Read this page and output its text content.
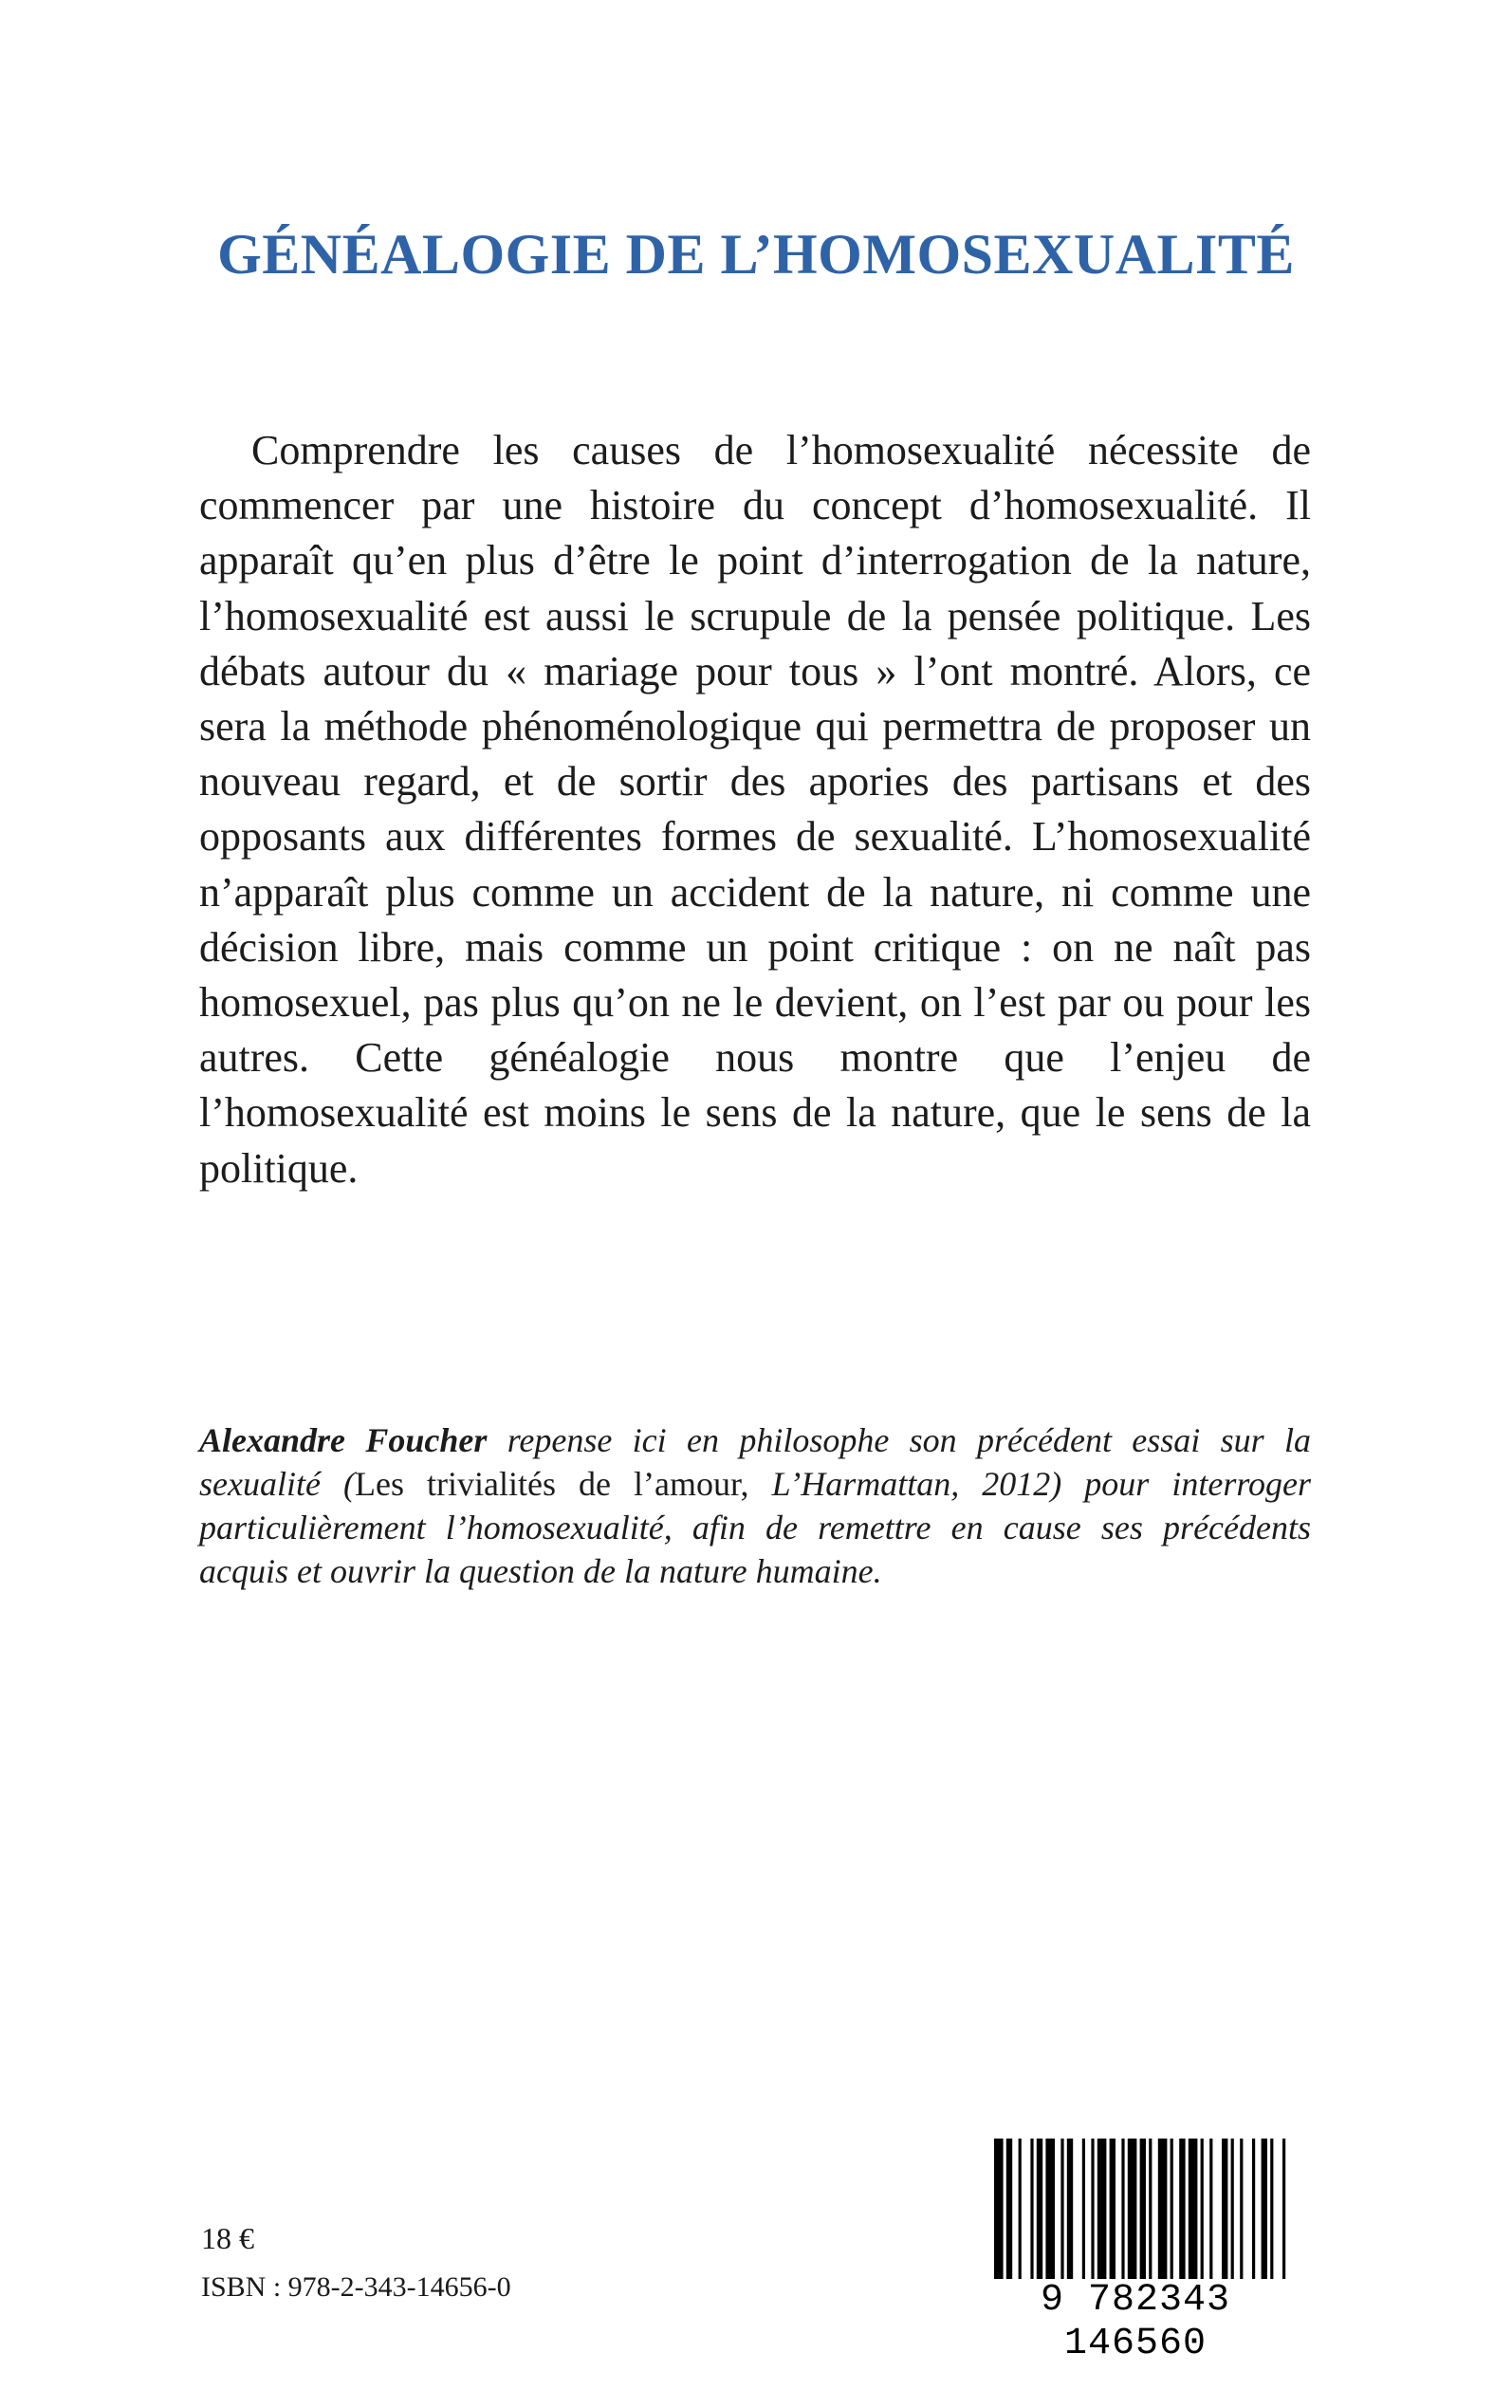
GÉNÉALOGIE DE L’HOMOSEXUALITÉ

Comprendre les causes de l’homosexualité nécessite de commencer par une histoire du concept d’homosexualité. Il apparaît qu’en plus d’être le point d’interrogation de la nature, l’homosexualité est aussi le scrupule de la pensée politique. Les débats autour du « mariage pour tous » l’ont montré. Alors, ce sera la méthode phénoménologique qui permettra de proposer un nouveau regard, et de sortir des apories des partisans et des opposants aux différentes formes de sexualité. L’homosexualité n’apparaît plus comme un accident de la nature, ni comme une décision libre, mais comme un point critique : on ne naît pas homosexuel, pas plus qu’on ne le devient, on l’est par ou pour les autres. Cette généalogie nous montre que l’enjeu de l’homosexualité est moins le sens de la nature, que le sens de la politique.

Alexandre Foucher repense ici en philosophe son précédent essai sur la sexualité (Les trivialités de l’amour, L’Harmattan, 2012) pour interroger particulièrement l’homosexualité, afin de remettre en cause ses précédents acquis et ouvrir la question de la nature humaine.

18 €

ISBN : 978-2-343-14656-0	9 782343 146560
